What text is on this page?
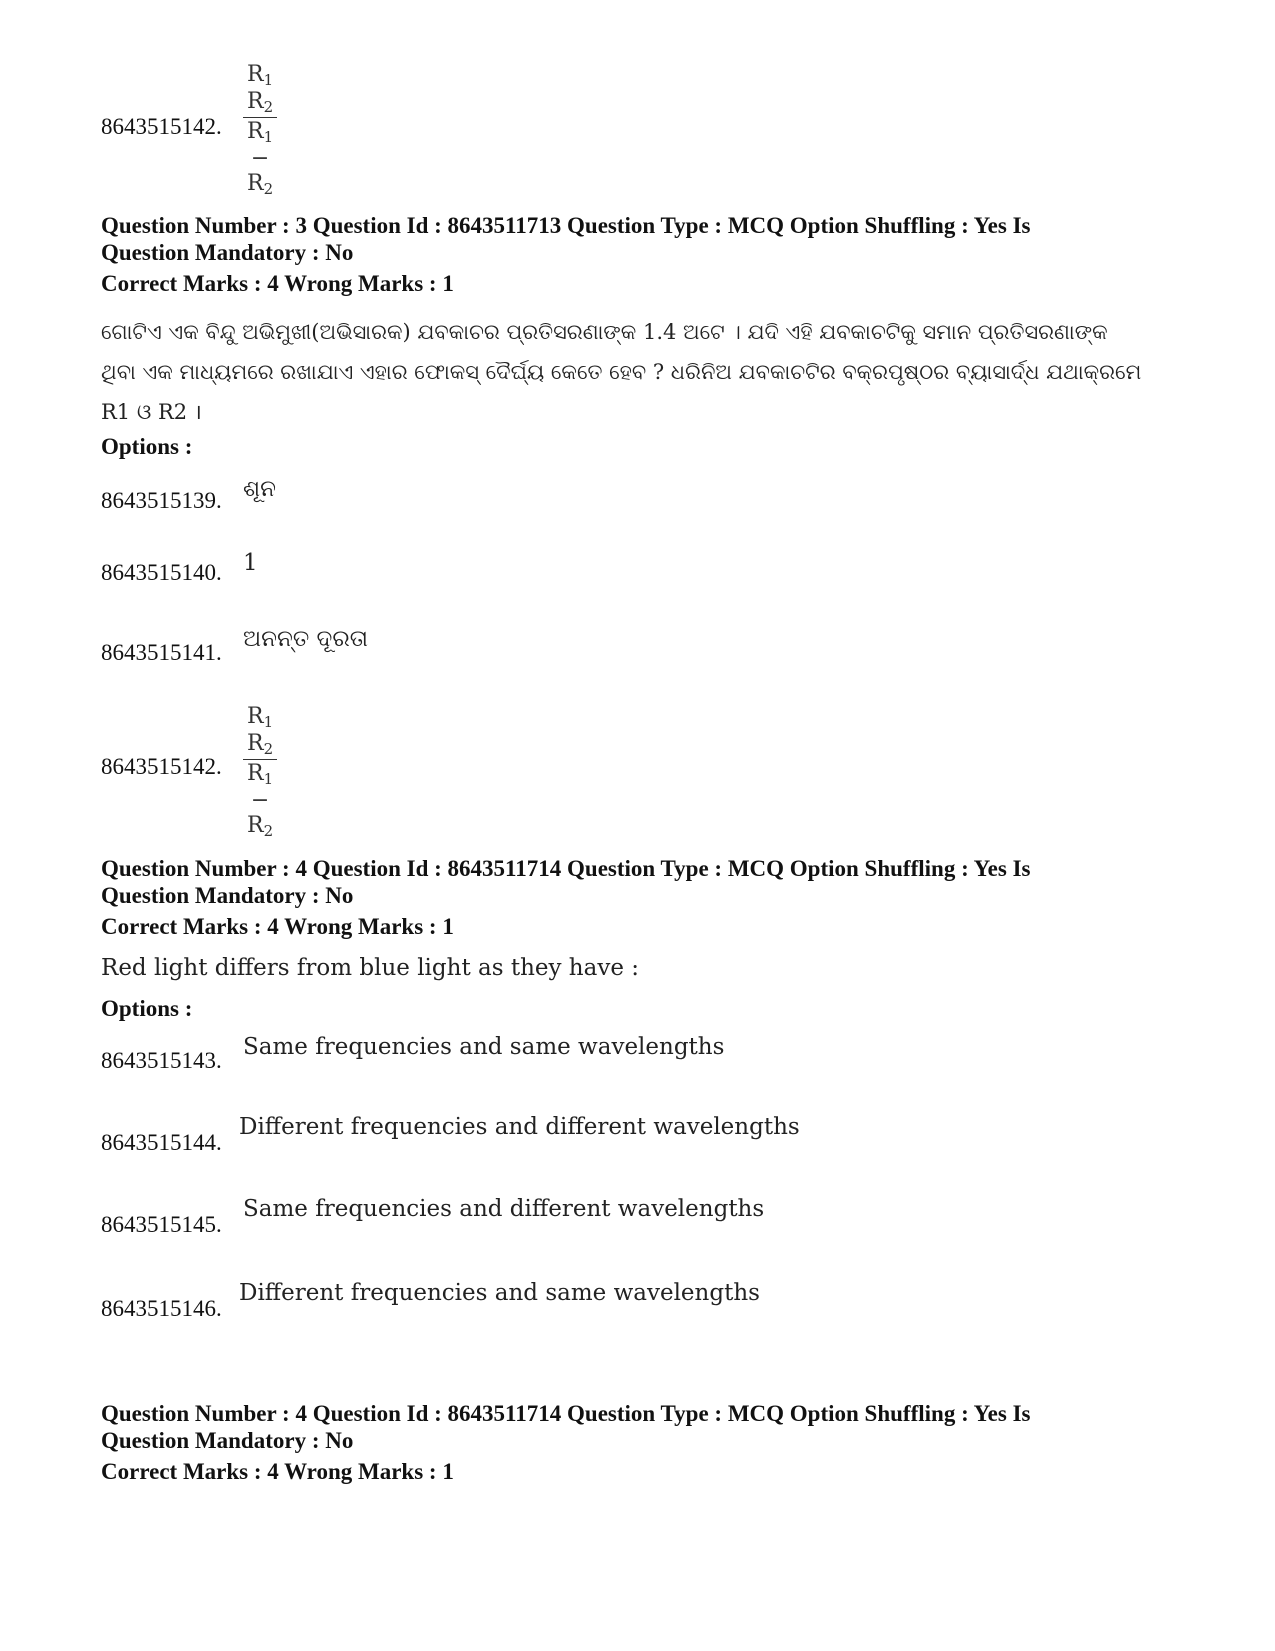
$\frac{R_1 R_2}{R_1 - R_2}$
8643515142.
Question Number : 3 Question Id : 8643511713 Question Type : MCQ Option Shuffling : Yes Is
Question Mandatory : No
Correct Marks : 4 Wrong Marks : 1
ଗୋଟିଏ ଏକ ବିନ୍ଦୁ ଅଭିମୁଖୀ(ଅଭିସାରକ) ଯବକାଚର ପ୍ରତିସରଣାଙ୍କ 1.4 ଅଟେ । ଯଦି ଏହି ଯବକାଚଟିକୁ ସମାନ ପ୍ରତିସରଣାଙ୍କ
ଥିବା ଏକ ମାଧ୍ୟମରେ ରଖାଯାଏ ଏହାର ଫୋକସ୍ ଦୈର୍ଘ୍ୟ କେତେ ହେବ ? ଧରିନିଅ ଯବକାଚଟିର ବକ୍ରପୃଷ୍ଠର ବ୍ୟାସାର୍ଦ୍ଧ ଯଥାକ୍ରମେ
R1 ଓ R2 ।
Options :
ଶୂନ
8643515139.
1
8643515140.
ଅନନ୍ତ ଦୂରତା
8643515141.
$\frac{R_1 R_2}{R_1 - R_2}$
8643515142.
Question Number : 4 Question Id : 8643511714 Question Type : MCQ Option Shuffling : Yes Is
Question Mandatory : No
Correct Marks : 4 Wrong Marks : 1
Red light differs from blue light as they have :
Options :
Same frequencies and same wavelengths
8643515143.
Different frequencies and different wavelengths
8643515144.
Same frequencies and different wavelengths
8643515145.
Different frequencies and same wavelengths
8643515146.
Question Number : 4 Question Id : 8643511714 Question Type : MCQ Option Shuffling : Yes Is
Question Mandatory : No
Correct Marks : 4 Wrong Marks : 1
